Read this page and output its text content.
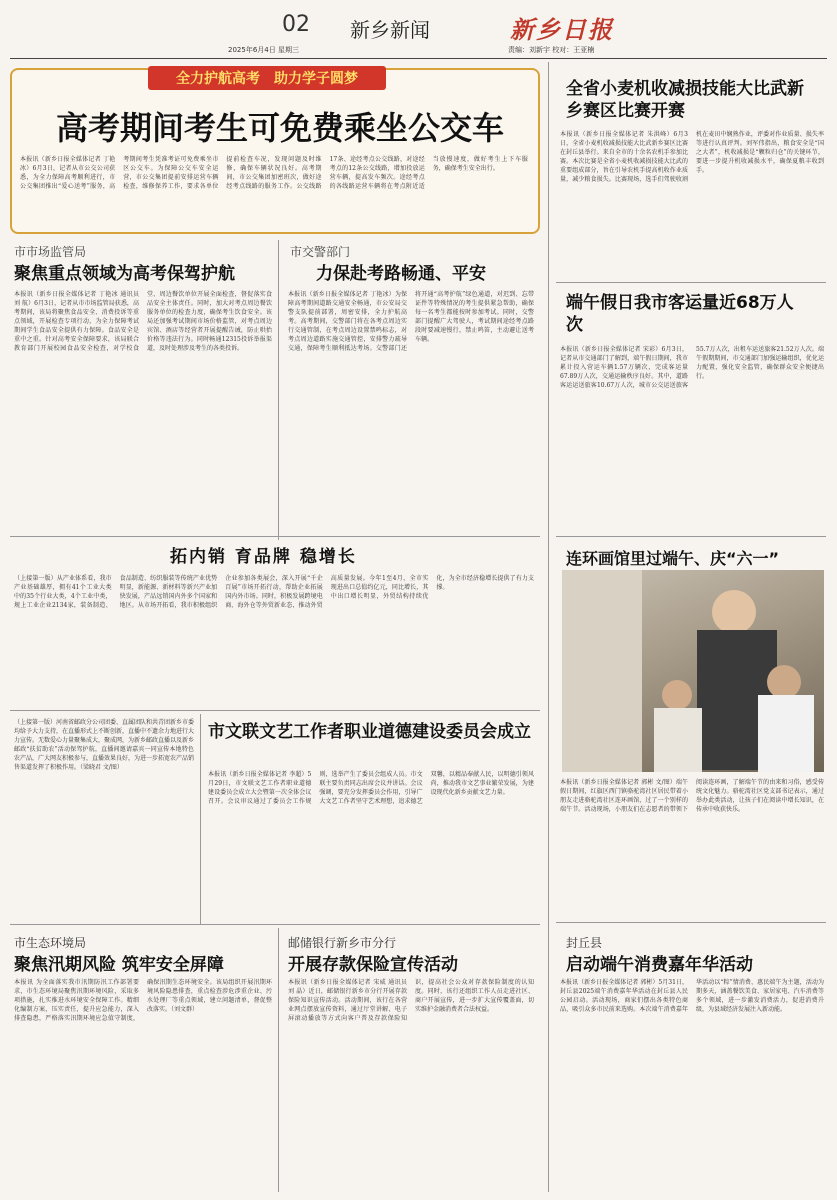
02 新乡新闻
2025年6月4日 星期三
新乡日报
责编：刘新宇 校对：王亚楠
全力护航高考 助力学子圆梦
高考期间考生可免费乘坐公交车
本报讯（新乡日报全媒体记者 丁艳冰）6月3日，记者从市公交公司获悉，为全力保障高考顺利进行，市公交集团推出“爱心送考”服务，高考期间考生凭准考证可免费乘坐市区公交车。为保障公交车安全运营，市公交集团提前安排运营车辆检查，维修保养工作，要求各单位提前检查车况，发现问题及时维修，确保车辆状况良好。高考期间，市公交集团加密班次，做好途经考点线路的服务工作。公交线路17条、途经考点公交线路，对途经考点的12条公交线路，增加投放运营车辆，提高发车频次。途经考点的各线路运营车辆将在考点附近适当放慢速度，做好考生上下车服务，确保考生安全出行。
市市场监管局
聚焦重点领域为高考保驾护航
本报讯（新乡日报全媒体记者 丁艳冰 通讯员 刘 航）6月3日，记者从市市场监管局获悉，高考期间，该局将聚焦食品安全、消费投诉等重点领域，开展检查专项行动，为全力保障考试期间学生食品安全提供有力保障。食品安全是重中之重。针对高考安全保障要求，该局联合教育部门开展校园食品安全检查，对学校食堂、周边餐饮单位开展全面检查，督促落实食品安全主体责任。同时，加大对考点周边餐饮服务单位的检查力度，确保考生饮食安全。该局还加强考试期间市场价格监管，对考点周边宾馆、酒店等经营者开展提醒告诫，防止哄抬价格等违法行为。同时畅通12315投诉举报渠道，及时处理涉及考生的各类投诉。
市交警部门
力保赴考路畅通、平安
本报讯（新乡日报全媒体记者 丁艳冰）为保障高考期间道路交通安全畅通，市公安局交警支队提前部署，周密安排，全力护航高考。高考期间，交警部门将在各考点周边实行交通管制，在考点周边设置禁鸣标志，对考点周边道路实施交通管控，安排警力疏导交通，保障考生顺利抵达考场。交警部门还将开通“高考护航”绿色通道，对迟到、忘带证件等特殊情况的考生提供紧急帮助，确保每一名考生都能按时参加考试。同时，交警部门提醒广大驾驶人，考试期间途经考点路段时要减速慢行，禁止鸣笛，主动避让送考车辆。
全省小麦机收减损技能大比武新乡赛区比赛开赛
本报讯（新乡日报全媒体记者 朱洪峰）6月3日，全省小麦机收减损技能大比武新乡赛区比赛在封丘县举行。来自全市的十余名农机手参加比赛。本次比赛是全省小麦机收减损技能大比武的重要组成部分，旨在引导农机手提高机收作业质量，减少粮食损失。比赛现场，选手们驾驶收割机在麦田中娴熟作业，评委对作业质量、损失率等进行认真评判。刘军伟指出，粮食安全是“国之大者”，机收减损是“颗粒归仓”的关键环节，要进一步提升机收减损水平，确保夏粮丰收到手。
端午假日我市客运量近68万人次
本报讯（新乡日报全媒体记者 宋彩）6月3日，记者从市交通部门了解到，端午假日期间，我市累计投入营运车辆1.57万辆次，完成客运量67.89万人次，交通运输秩序良好。其中，道路客运运送旅客10.67万人次，城市公交运送旅客55.7万人次，出租车运送旅客21.52万人次。端午假期期间，市交通部门加强运输组织，优化运力配置，强化安全监管，确保群众安全便捷出行。
连环画馆里过端午、庆“六一”
本报讯（新乡日报全媒体记者 郭彬 文/图）端午假日期间，红旗区西门镇骆驼湾社区居民带着小朋友走进骆驼湾社区连环画馆，过了一个别样的端午节。活动现场，小朋友们在志愿者的带领下阅读连环画，了解端午节的由来和习俗，感受传统文化魅力。骆驼湾社区党支部书记表示，通过举办此类活动，让孩子们在阅读中增长知识，在传承中收获快乐。
封丘县
启动端午消费嘉年华活动
本报讯（新乡日报全媒体记者 郭彬）5月31日，封丘县2025端午消费嘉年华活动在封丘县人民公园启动。活动现场，商家们摆出各类特色商品，吸引众多市民前来选购。本次端午消费嘉年华活动以“粽”情消费、惠民端午为主题，活动为期多天，涵盖餐饮美食、家居家电、汽车消费等多个领域，进一步激发消费活力，促进消费升级，为县域经济发展注入新动能。
拓内销 育品牌 稳增长
（上接第一版）从产业体系看，我市产业基础雄厚，拥有41个工业大类中的35个行业大类，4个工业中类，规上工业企业2134家，装备制造、食品制造、纺织服装等传统产业优势明显，新能源、新材料等新兴产业加快发展，产品远销国内外多个国家和地区。从市场开拓看，我市积极组织企业参加各类展会，深入开展“千企百展”市场开拓行动，帮助企业拓展国内外市场。同时，积极发展跨境电商、海外仓等外贸新业态，推动外贸高质量发展。今年1至4月，全市实现进出口总值约亿元，同比增长，其中出口增长明显，外贸结构持续优化，为全市经济稳增长提供了有力支撑。
（上接第一版）河南省邮政分公司团委、直属团队和共青团新乡市委均给予大力支持，在直播形式上不断创新，直播中不遗余力地进行大力宣传。无数爱心力量聚集成大，聚成网，为新乡邮政直播以及新乡邮政“扶贫助农”活动保驾护航，直播间邀请嘉宾一同宣传本地特色农产品，广大网友积极参与，直播效果良好，为进一步拓宽农产品销售渠道发挥了积极作用。（梁晓君 文/图）
市文联文艺工作者职业道德建设委员会成立
本报讯（新乡日报全媒体记者 李超）5月29日，市文联文艺工作者职业道德建设委员会成立大会暨第一次全体会议召开。会议审议通过了委员会工作规则，选举产生了委员会组成人员。市文联主要负责同志出席会议并讲话。会议强调，要充分发挥委员会作用，引导广大文艺工作者坚守艺术理想，追求德艺双馨，以精品奉献人民，以明德引领风尚，推动我市文艺事业繁荣发展，为建设现代化新乡贡献文艺力量。
市生态环境局
聚焦汛期风险 筑牢安全屏障
本报讯 为全面落实我市汛期防汛工作部署要求，市生态环境局聚焦汛期环境风险，采取多项措施，扎实推进水环境安全保障工作。精细化编制方案，压实责任，提升应急能力，深入排查隐患，严格落实汛期环境应急值守制度，确保汛期生态环境安全。该局组织开展汛期环境风险隐患排查，重点检查涉危涉重企业、污水处理厂等重点领域，建立问题清单，督促整改落实。（刘文群）
邮储银行新乡市分行
开展存款保险宣传活动
本报讯（新乡日报全媒体记者 宋威 通讯员 刘 晶）近日，邮储银行新乡市分行开展存款保险知识宣传活动。活动期间，该行在各营业网点摆放宣传资料，通过厅堂讲解、电子屏滚动播放等方式向客户普及存款保险知识，提高社会公众对存款保险制度的认知度。同时，该行还组织工作人员走进社区、商户开展宣传，进一步扩大宣传覆盖面，切实维护金融消费者合法权益。
